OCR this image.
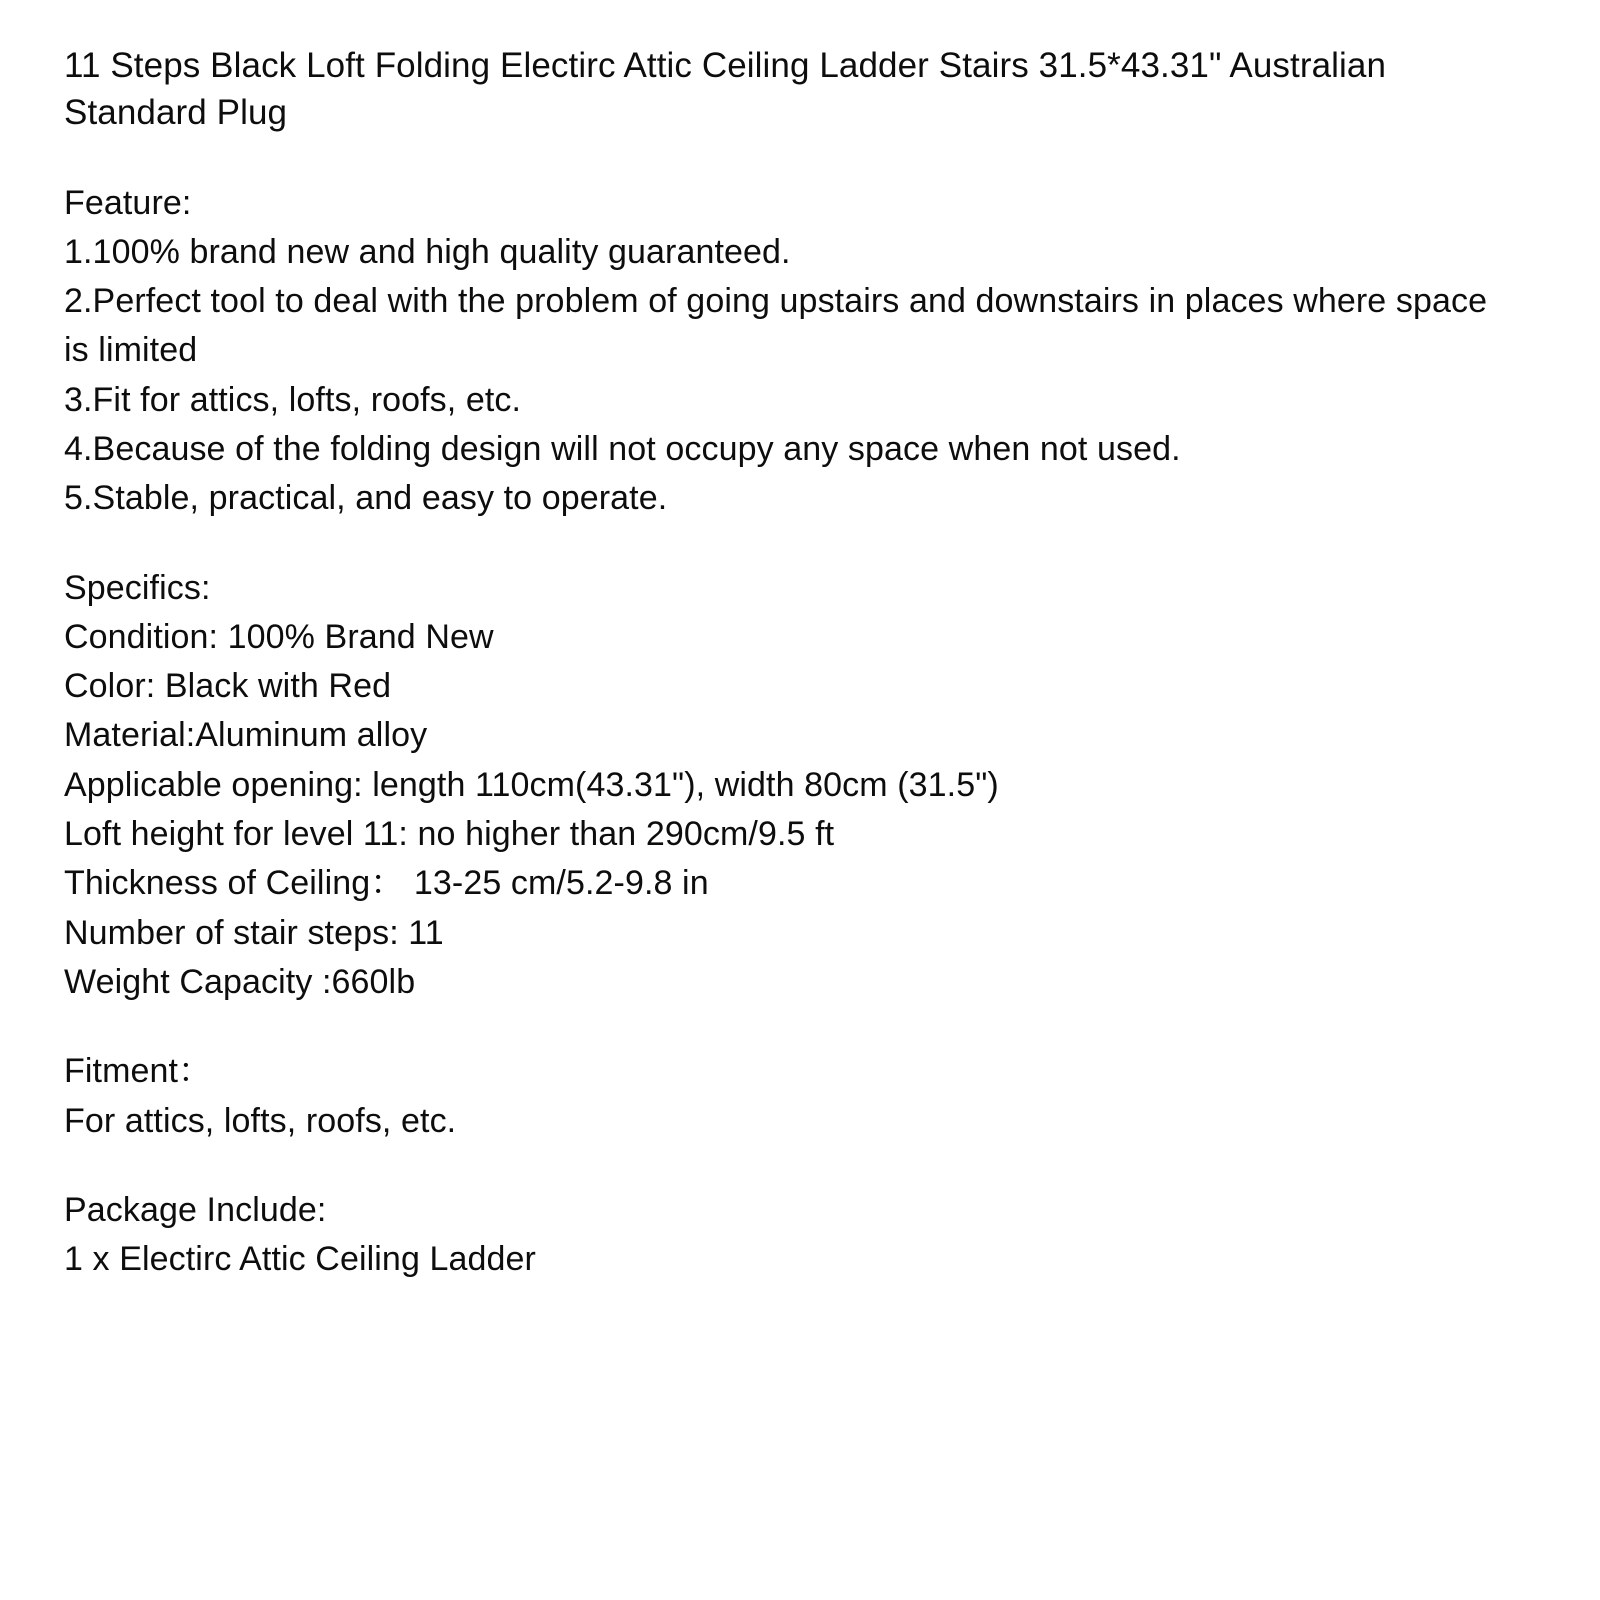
11 Steps Black Loft Folding Electirc Attic Ceiling Ladder Stairs 31.5*43.31" Australian Standard Plug

Feature:

1.100% brand new and high quality guaranteed.

2.Perfect tool to deal with the problem of going upstairs and downstairs in places where space is limited

3.Fit for attics, lofts, roofs, etc.

4.Because of the folding design will not occupy any space when not used.

5.Stable, practical, and easy to operate.

Specifics:

Condition: 100% Brand New

Color: Black with Red

Material:Aluminum alloy

Applicable opening: length 110cm(43.31"), width 80cm (31.5")

Loft height for level 11: no higher than 290cm/9.5 ft

Thickness of Ceiling： 13-25 cm/5.2-9.8 in

Number of stair steps: 11

Weight Capacity :660lb

Fitment：

For attics, lofts, roofs, etc.

Package Include:

1 x Electirc Attic Ceiling Ladder
